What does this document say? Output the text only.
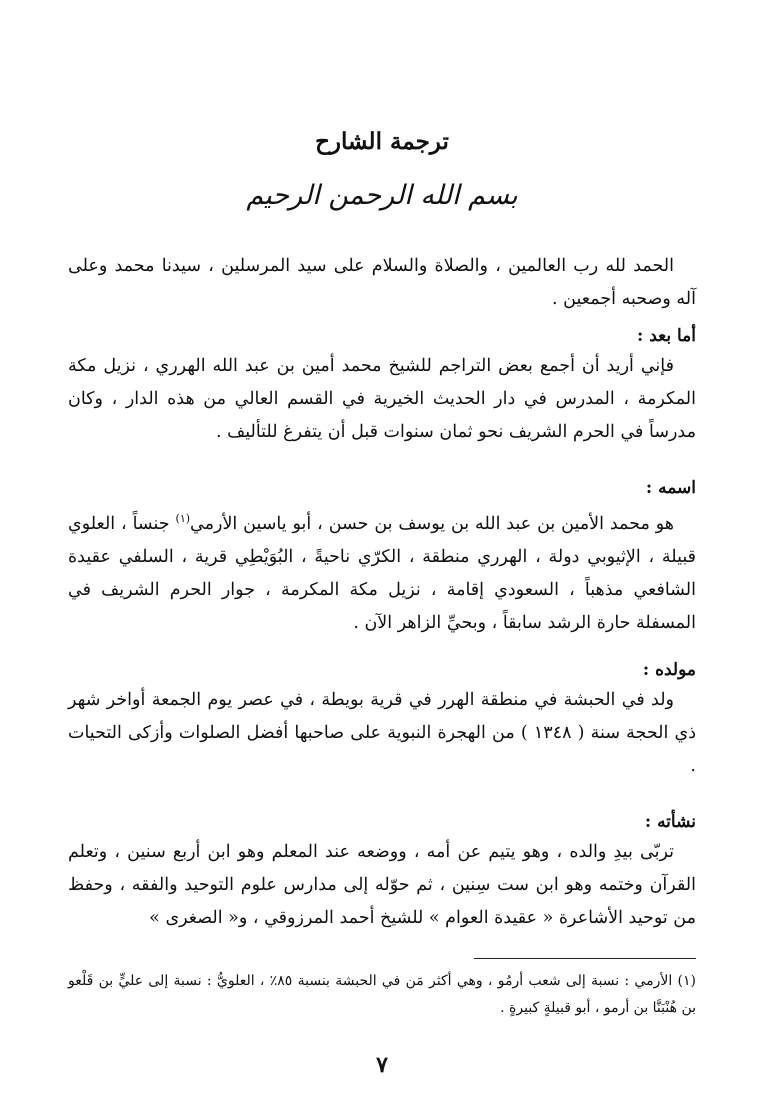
ترجمة الشارح
بسم الله الرحمن الرحيم
الحمد لله رب العالمين ، والصلاة والسلام على سيد المرسلين ، سيدنا محمد وعلى آله وصحبه أجمعين .
أما بعد :
فإني أريد أن أجمع بعض التراجم للشيخ محمد أمين بن عبد الله الهرري ، نزيل مكة المكرمة ، المدرس في دار الحديث الخيرية في القسم العالي من هذه الدار ، وكان مدرساً في الحرم الشريف نحو ثمان سنوات قبل أن يتفرغ للتأليف .
اسمه :
هو محمد الأمين بن عبد الله بن يوسف بن حسن ، أبو ياسين الأرمي$^{(١)}$ جنساً ، العلوي قبيلة ، الإثيوبي دولة ، الهرري منطقة ، الكرّي ناحيةً ، البُوَيْطِي قرية ، السلفي عقيدة الشافعي مذهباً ، السعودي إقامة ، نزيل مكة المكرمة ، جوار الحرم الشريف في المسفلة حارة الرشد سابقاً ، وبحيِّ الزاهر الآن .
مولده :
ولد في الحبشة في منطقة الهرر في قرية بويطة ، في عصر يوم الجمعة أواخر شهر ذي الحجة سنة ( ١٣٤٨ ) من الهجرة النبوية على صاحبها أفضل الصلوات وأزكى التحيات .
نشأته :
تربّى بيدِ والده ، وهو يتيم عن أمه ، ووضعه عند المعلم وهو ابن أربع سنين ، وتعلم القرآن وختمه وهو ابن ست سِنين ، ثم حوّله إلى مدارس علوم التوحيد والفقه ، وحفظ من توحيد الأشاعرة « عقيدة العوام » للشيخ أحمد المرزوقي ، و« الصغرى »
(١) الأرمي : نسبة إلى شعب أرمُو ، وهي أكثر مَن في الحبشة بنسبة ٨٥٪ ، العلويُّ : نسبة إلى عليٍّ بن قَلْعو بن هُنْبَنَّا بن أرمو ، أبو قبيلةٍ كبيرةٍ .
٧
